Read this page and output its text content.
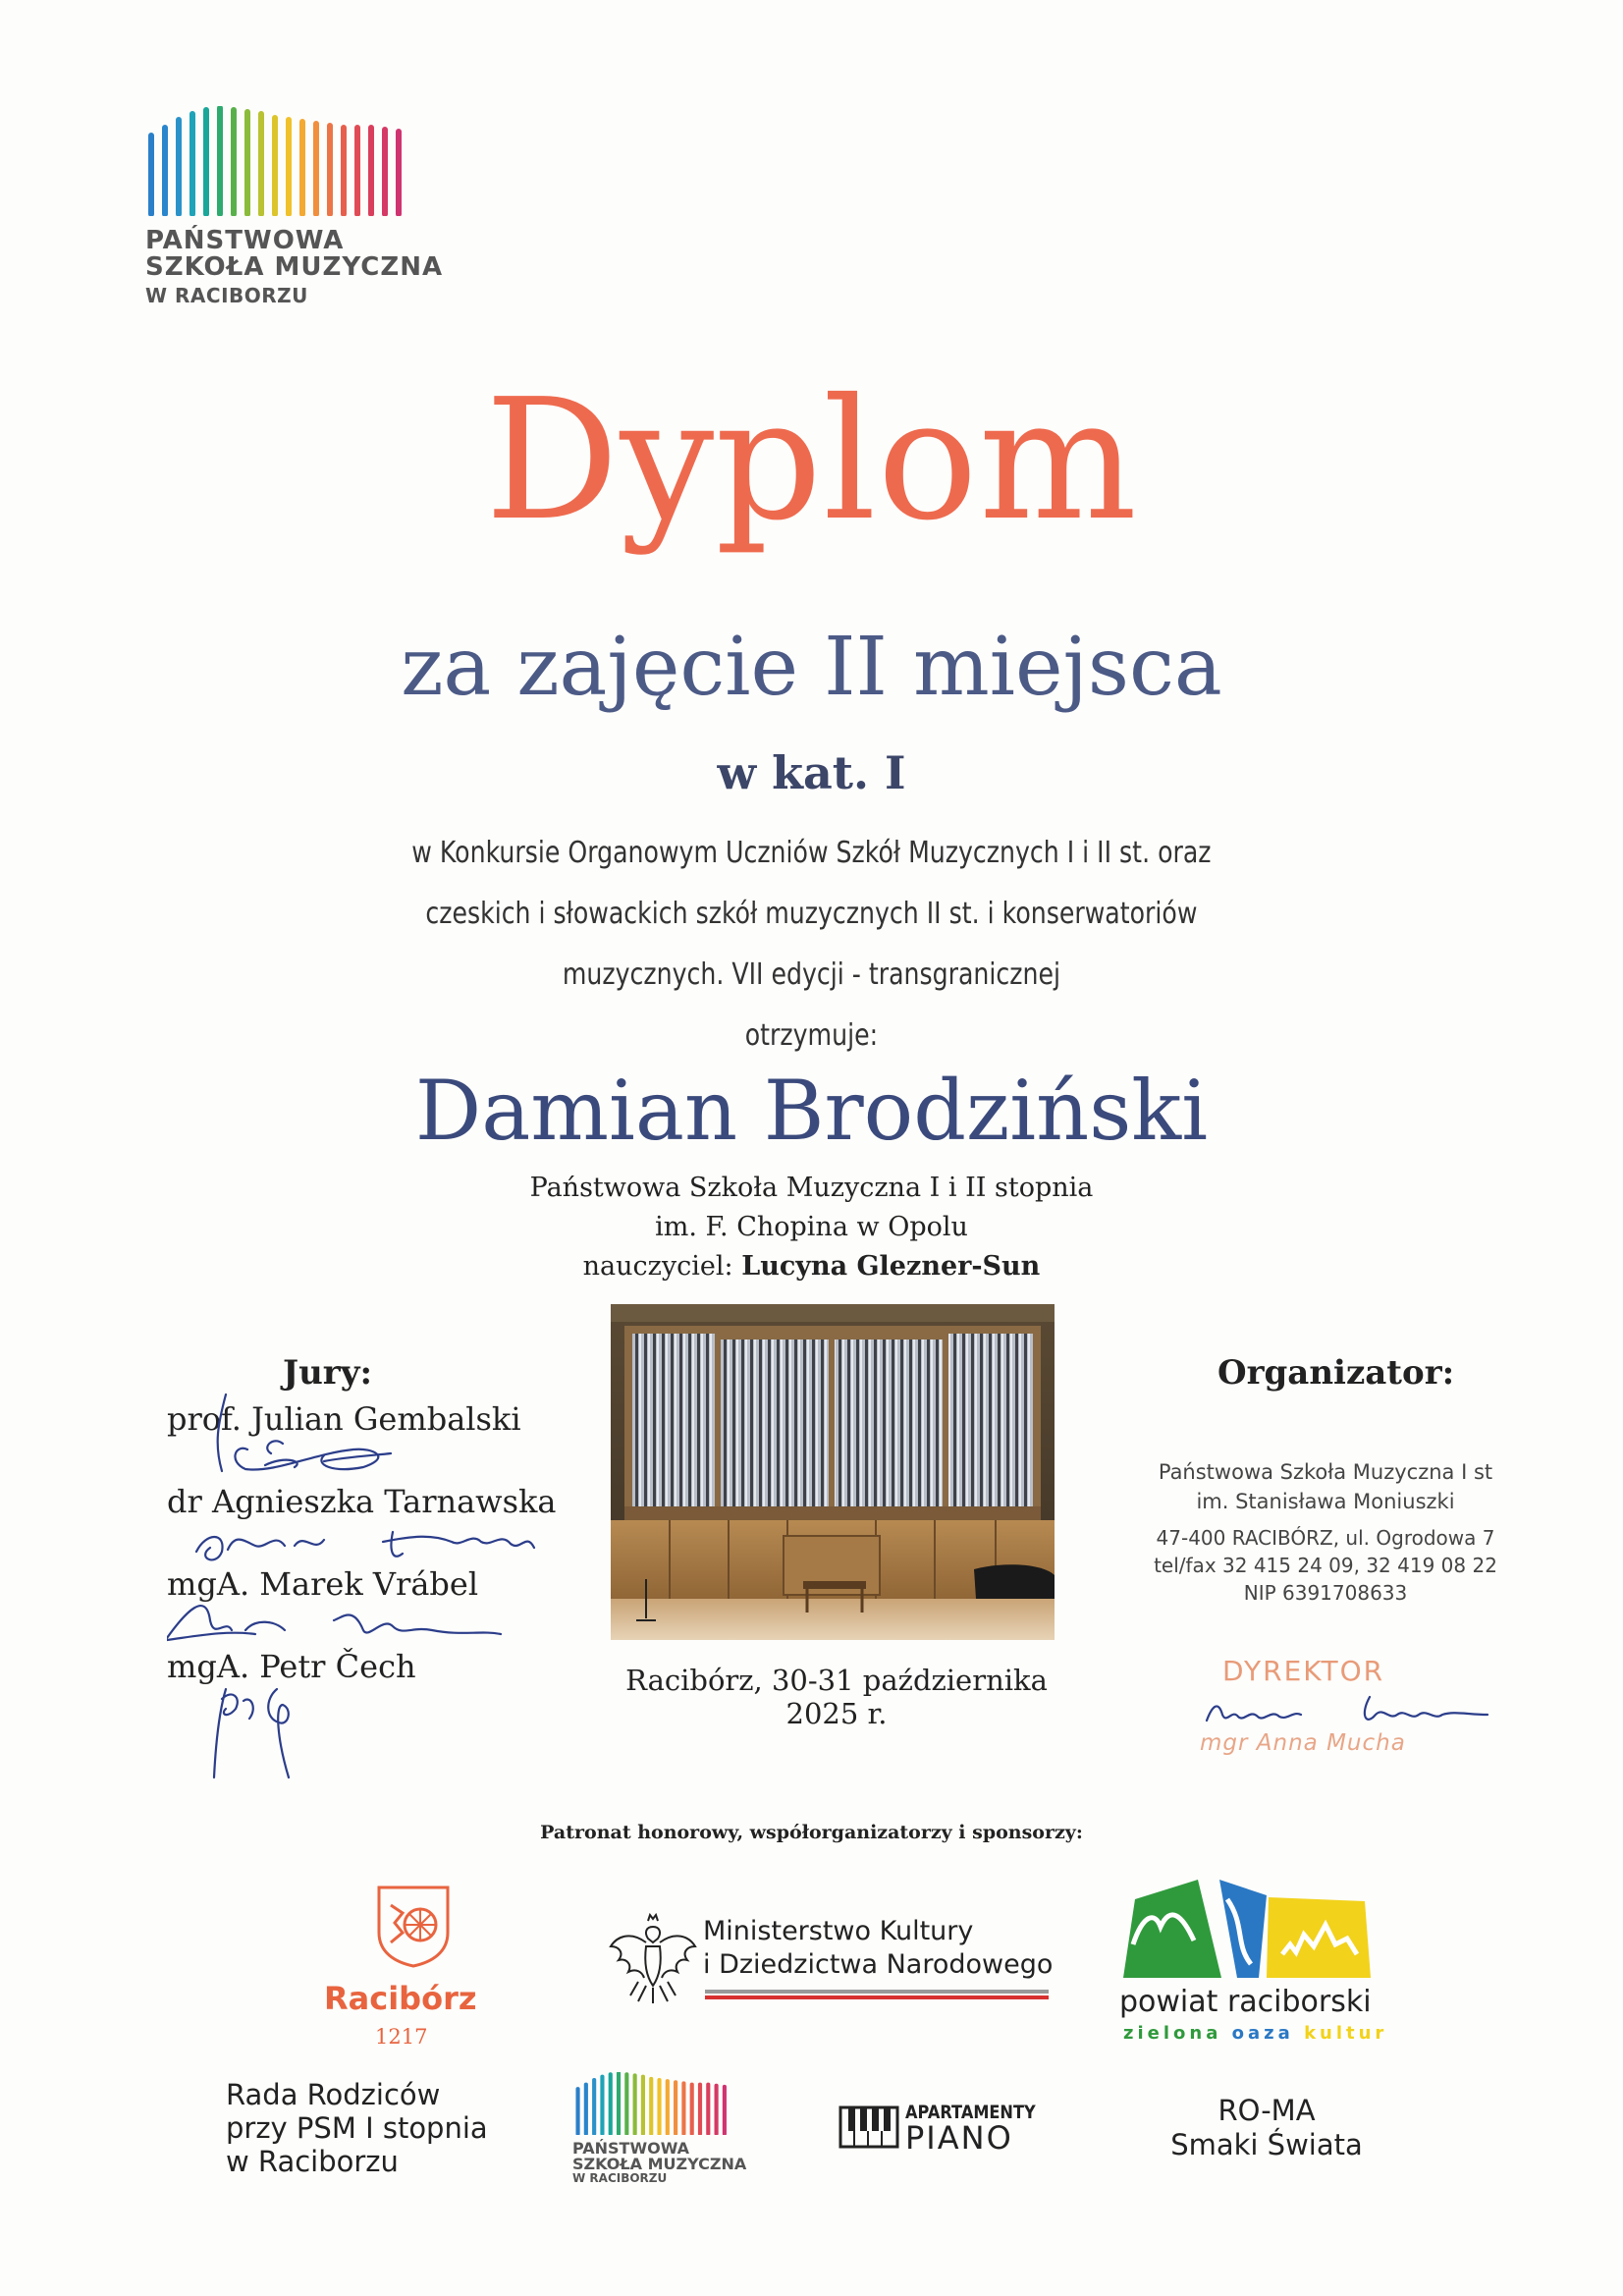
PAŃSTWOWA
SZKOŁA MUZYCZNA
W RACIBORZU
Dyplom
za zajęcie II miejsca
w kat. I
w Konkursie Organowym Uczniów Szkół Muzycznych I i II st. oraz
czeskich i słowackich szkół muzycznych II st. i konserwatoriów
muzycznych. VII edycji - transgranicznej
otrzymuje:
Damian Brodziński
Państwowa Szkoła Muzyczna I i II stopnia
im. F. Chopina w Opolu
nauczyciel: Lucyna Glezner-Sun
Jury:
prof. Julian Gembalski
dr Agnieszka Tarnawska
mgA. Marek Vrábel
mgA. Petr Čech	Racibórz, 30-31 października 2025 r.
Organizator:
Państwowa Szkoła Muzyczna I st
im. Stanisława Moniuszki
47-400 RACIBÓRZ, ul. Ogrodowa 7
tel/fax 32 415 24 09, 32 419 08 22
NIP 6391708633
DYREKTOR
mgr Anna Mucha
Patronat honorowy, współorganizatorzy i sponsorzy:
Racibórz
1217
Ministerstwo Kultury
i Dziedzictwa Narodowego
powiat raciborski
zielona oaza kultur
Rada Rodziców
przy PSM I stopnia
w Raciborzu	PAŃSTWOWA
SZKOŁA MUZYCZNA
W RACIBORZU
APARTAMENTY
PIANO
RO-MA
Smaki Świata
